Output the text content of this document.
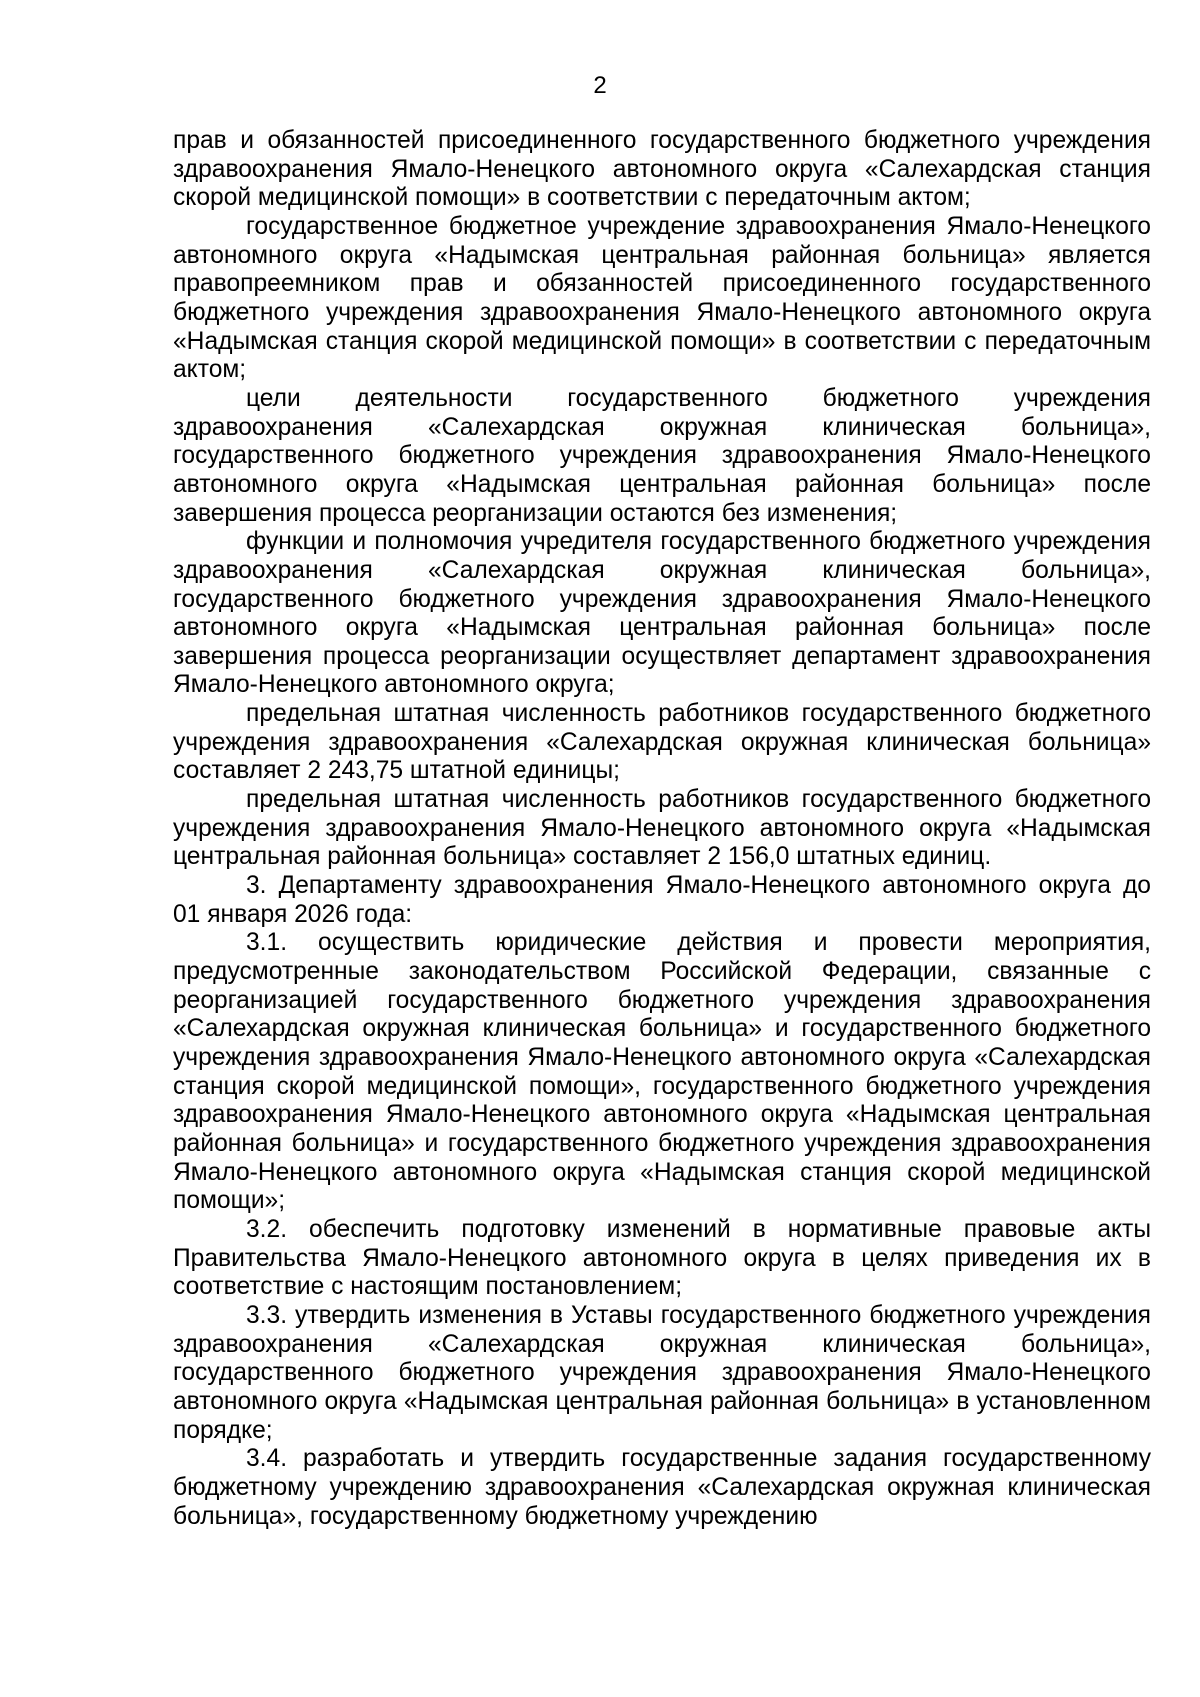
2

прав и обязанностей присоединенного государственного бюджетного учреждения здравоохранения Ямало-Ненецкого автономного округа «Салехардская станция скорой медицинской помощи» в соответствии с передаточным актом;

государственное бюджетное учреждение здравоохранения Ямало-Ненецкого автономного округа «Надымская центральная районная больница» является правопреемником прав и обязанностей присоединенного государственного бюджетного учреждения здравоохранения Ямало-Ненецкого автономного округа «Надымская станция скорой медицинской помощи» в соответствии с передаточным актом;

цели деятельности государственного бюджетного учреждения здравоохранения «Салехардская окружная клиническая больница», государственного бюджетного учреждения здравоохранения Ямало-Ненецкого автономного округа «Надымская центральная районная больница» после завершения процесса реорганизации остаются без изменения;

функции и полномочия учредителя государственного бюджетного учреждения здравоохранения «Салехардская окружная клиническая больница», государственного бюджетного учреждения здравоохранения Ямало-Ненецкого автономного округа «Надымская центральная районная больница» после завершения процесса реорганизации осуществляет департамент здравоохранения Ямало-Ненецкого автономного округа;

предельная штатная численность работников государственного бюджетного учреждения здравоохранения «Салехардская окружная клиническая больница» составляет 2 243,75 штатной единицы;

предельная штатная численность работников государственного бюджетного учреждения здравоохранения Ямало-Ненецкого автономного округа «Надымская центральная районная больница» составляет 2 156,0 штатных единиц.

3. Департаменту здравоохранения Ямало-Ненецкого автономного округа до 01 января 2026 года:

3.1. осуществить юридические действия и провести мероприятия, предусмотренные законодательством Российской Федерации, связанные с реорганизацией государственного бюджетного учреждения здравоохранения «Салехардская окружная клиническая больница» и государственного бюджетного учреждения здравоохранения Ямало-Ненецкого автономного округа «Салехардская станция скорой медицинской помощи», государственного бюджетного учреждения здравоохранения Ямало-Ненецкого автономного округа «Надымская центральная районная больница» и государственного бюджетного учреждения здравоохранения Ямало-Ненецкого автономного округа «Надымская станция скорой медицинской помощи»;

3.2. обеспечить подготовку изменений в нормативные правовые акты Правительства Ямало-Ненецкого автономного округа в целях приведения их в соответствие с настоящим постановлением;

3.3. утвердить изменения в Уставы государственного бюджетного учреждения здравоохранения «Салехардская окружная клиническая больница», государственного бюджетного учреждения здравоохранения Ямало-Ненецкого автономного округа «Надымская центральная районная больница» в установленном порядке;

3.4. разработать и утвердить государственные задания государственному бюджетному учреждению здравоохранения «Салехардская окружная клиническая больница», государственному бюджетному учреждению
